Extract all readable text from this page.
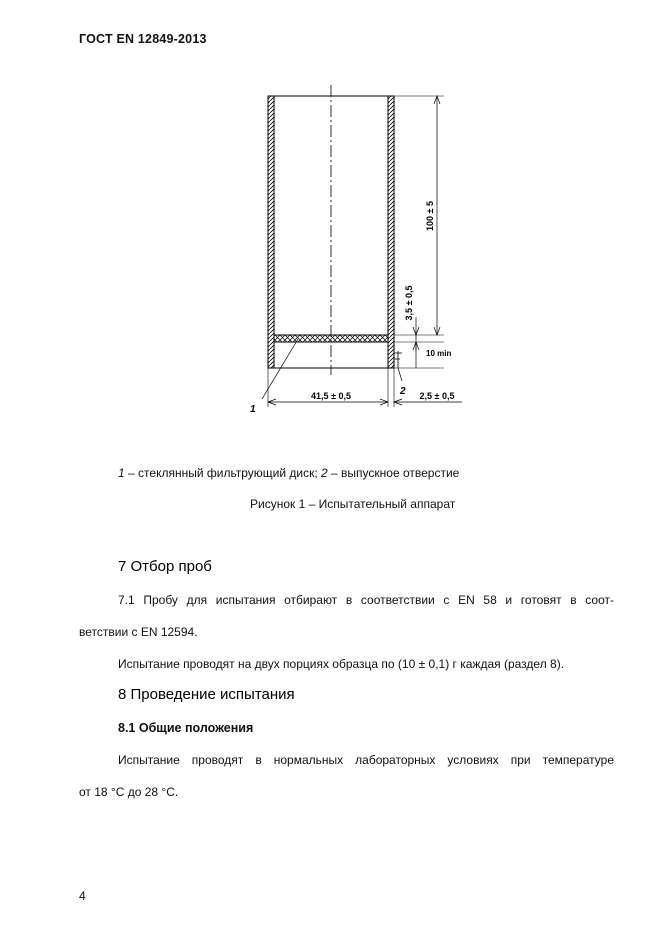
ГОСТ EN 12849-2013
100 ± 5
3,5 ± 0,5
10 min
41,5 ± 0,5	2,5 ± 0,5
1
2
1 – стеклянный фильтрующий диск; 2 – выпускное отверстие
Рисунок 1 – Испытательный аппарат
7 Отбор проб
7.1 Пробу для испытания отбирают в соответствии с EN 58 и готовят в соот-
ветствии с EN 12594.
Испытание проводят на двух порциях образца по (10 ± 0,1) г каждая (раздел 8).
8 Проведение испытания
8.1 Общие положения
Испытание проводят в нормальных лабораторных условиях при температуре
от 18 °С до 28 °С.
4
